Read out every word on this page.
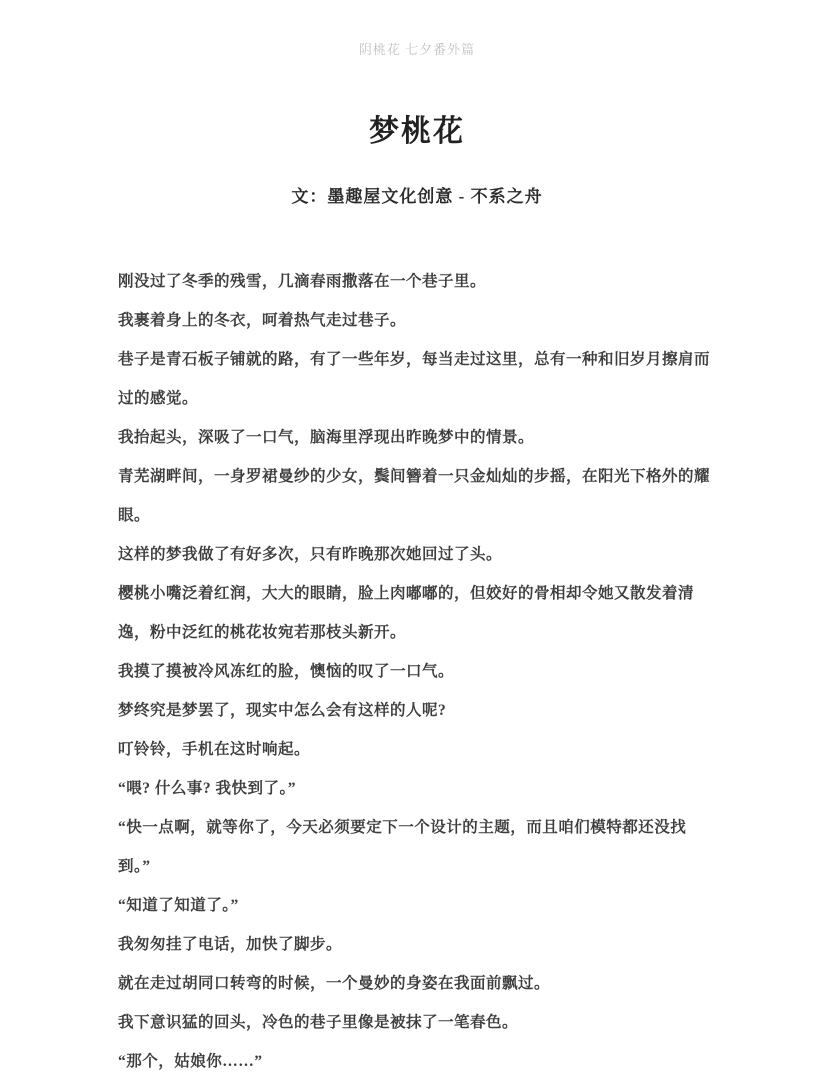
阴桃花 七夕番外篇
梦桃花
文：墨趣屋文化创意 - 不系之舟

刚没过了冬季的残雪，几滴春雨撒落在一个巷子里。

我裹着身上的冬衣，呵着热气走过巷子。

巷子是青石板子铺就的路，有了一些年岁，每当走过这里，总有一种和旧岁月擦肩而过的感觉。

我抬起头，深吸了一口气，脑海里浮现出昨晚梦中的情景。

青芜湖畔间，一身罗裙曼纱的少女，鬓间簪着一只金灿灿的步摇，在阳光下格外的耀眼。

这样的梦我做了有好多次，只有昨晚那次她回过了头。

樱桃小嘴泛着红润，大大的眼睛，脸上肉嘟嘟的，但姣好的骨相却令她又散发着清逸，粉中泛红的桃花妆宛若那枝头新开。

我摸了摸被冷风冻红的脸，懊恼的叹了一口气。

梦终究是梦罢了，现实中怎么会有这样的人呢?

叮铃铃，手机在这时响起。

“喂? 什么事? 我快到了。”

“快一点啊，就等你了，今天必须要定下一个设计的主题，而且咱们模特都还没找到。”

“知道了知道了。”

我匆匆挂了电话，加快了脚步。

就在走过胡同口转弯的时候，一个曼妙的身姿在我面前飘过。

我下意识猛的回头，冷色的巷子里像是被抹了一笔春色。

“那个，姑娘你……”
